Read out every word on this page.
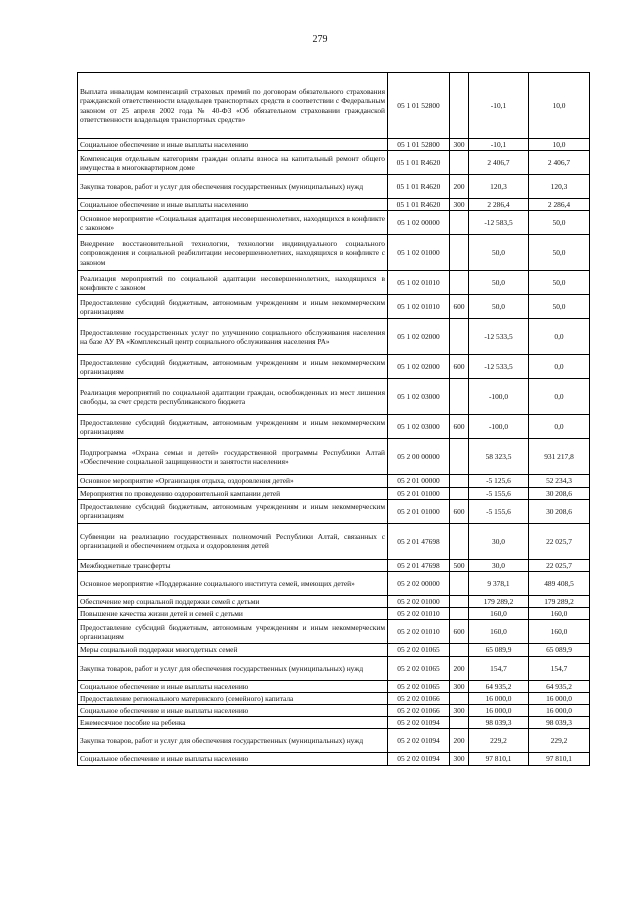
279
Выплата инвалидам компенсаций страховых премий по договорам обязательного страхования гражданской ответственности владельцев транспортных средств в соответствии с Федеральным законом от 25 апреля 2002 года № 40-ФЗ «Об обязательном страховании гражданской ответственности владельцев транспортных средств»	05 1 01 52800		-10,1	10,0
Социальное обеспечение и иные выплаты населению	05 1 01 52800	300	-10,1	10,0
Компенсация отдельным категориям граждан оплаты взноса на капитальный ремонт общего имущества в многоквартирном доме	05 1 01 R4620		2 406,7	2 406,7
Закупка товаров, работ и услуг для обеспечения государственных (муниципальных) нужд	05 1 01 R4620	200	120,3	120,3
Социальное обеспечение и иные выплаты населению	05 1 01 R4620	300	2 286,4	2 286,4
Основное мероприятие «Социальная адаптация несовершеннолетних, находящихся в конфликте с законом»	05 1 02 00000		-12 583,5	50,0
Внедрение восстановительной технологии, технологии индивидуального социального сопровождения и социальной реабилитации несовершеннолетних, находящихся в конфликте с законом	05 1 02 01000		50,0	50,0
Реализация мероприятий по социальной адаптации несовершеннолетних, находящихся в конфликте с законом	05 1 02 01010		50,0	50,0
Предоставление субсидий бюджетным, автономным учреждениям и иным некоммерческим организациям	05 1 02 01010	600	50,0	50,0
Предоставление государственных услуг по улучшению социального обслуживания населения на базе АУ РА «Комплексный центр социального обслуживания населения РА»	05 1 02 02000		-12 533,5	0,0
Предоставление субсидий бюджетным, автономным учреждениям и иным некоммерческим организациям	05 1 02 02000	600	-12 533,5	0,0
Реализация мероприятий по социальной адаптации граждан, освобожденных из мест лишения свободы, за счет средств республиканского бюджета	05 1 02 03000		-100,0	0,0
Предоставление субсидий бюджетным, автономным учреждениям и иным некоммерческим организациям	05 1 02 03000	600	-100,0	0,0
Подпрограмма «Охрана семьи и детей» государственной программы Республики Алтай «Обеспечение социальной защищенности и занятости населения»	05 2 00 00000		58 323,5	931 217,8
Основное мероприятие «Организация отдыха, оздоровления детей»	05 2 01 00000		-5 125,6	52 234,3
Мероприятия по проведению оздоровительной кампании детей	05 2 01 01000		-5 155,6	30 208,6
Предоставление субсидий бюджетным, автономным учреждениям и иным некоммерческим организациям	05 2 01 01000	600	-5 155,6	30 208,6
Субвенции на реализацию государственных полномочий Республики Алтай, связанных с организацией и обеспечением отдыха и оздоровления детей	05 2 01 47698		30,0	22 025,7
Межбюджетные трансферты	05 2 01 47698	500	30,0	22 025,7
Основное мероприятие «Поддержание социального института семей, имеющих детей»	05 2 02 00000		9 378,1	489 408,5
Обеспечение мер социальной поддержки семей с детьми	05 2 02 01000		179 289,2	179 289,2
Повышение качества жизни детей и семей с детьми	05 2 02 01010		160,0	160,0
Предоставление субсидий бюджетным, автономным учреждениям и иным некоммерческим организациям	05 2 02 01010	600	160,0	160,0
Меры социальной поддержки многодетных семей	05 2 02 01065		65 089,9	65 089,9
Закупка товаров, работ и услуг для обеспечения государственных (муниципальных) нужд	05 2 02 01065	200	154,7	154,7
Социальное обеспечение и иные выплаты населению	05 2 02 01065	300	64 935,2	64 935,2
Предоставление регионального материнского (семейного) капитала	05 2 02 01066		16 000,0	16 000,0
Социальное обеспечение и иные выплаты населению	05 2 02 01066	300	16 000,0	16 000,0
Ежемесячное пособие на ребенка	05 2 02 01094		98 039,3	98 039,3
Закупка товаров, работ и услуг для обеспечения государственных (муниципальных) нужд	05 2 02 01094	200	229,2	229,2
Социальное обеспечение и иные выплаты населению	05 2 02 01094	300	97 810,1	97 810,1
